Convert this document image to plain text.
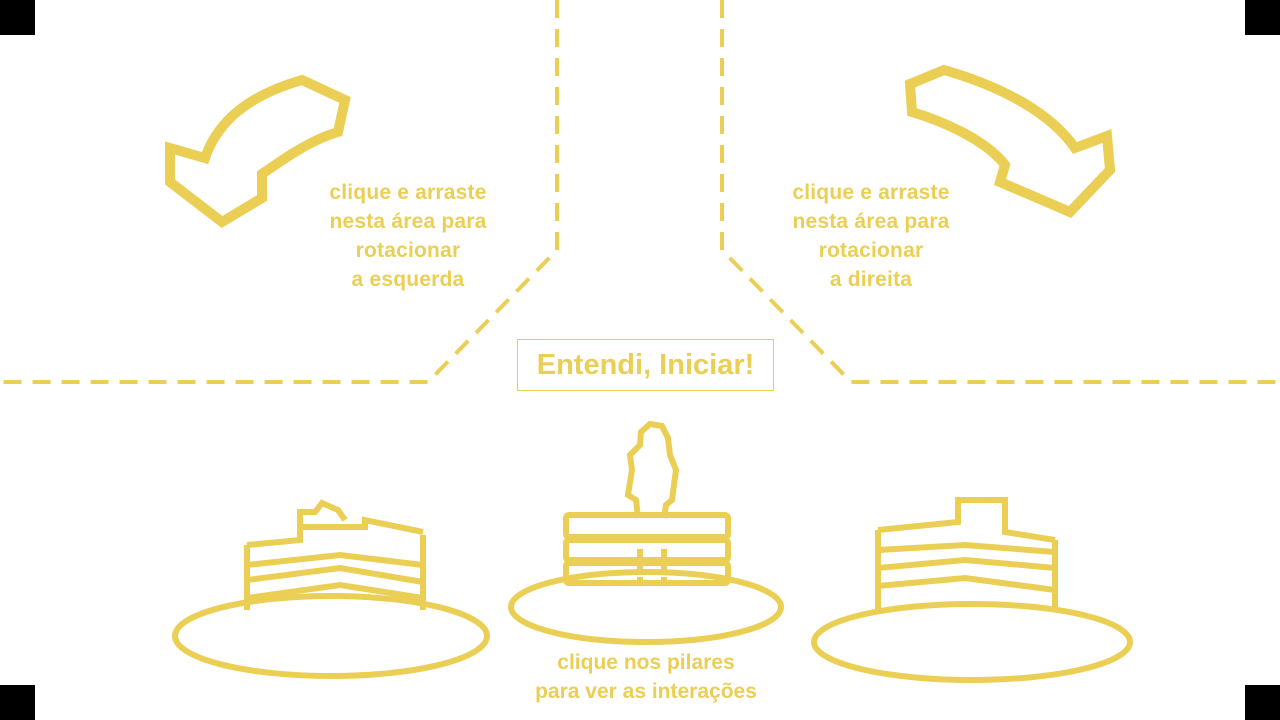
clique e arraste
nesta área para
rotacionar
a esquerda
clique e arraste
nesta área para
rotacionar
a direita
Entendi, Iniciar!
clique nos pilares
para ver as interações
